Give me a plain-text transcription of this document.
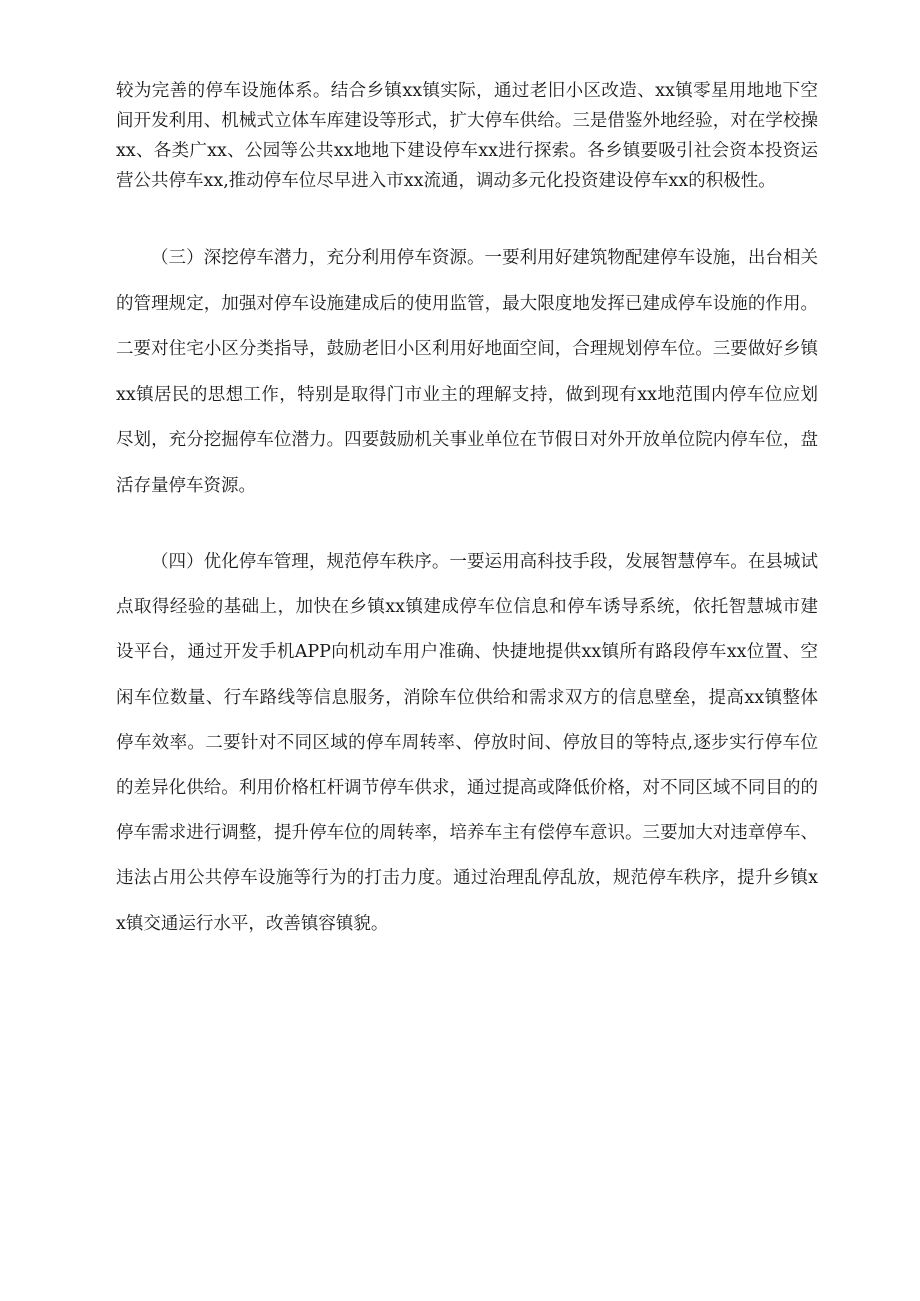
较为完善的停车设施体系。结合乡镇xx镇实际，通过老旧小区改造、xx镇零星用地地下空间开发利用、机械式立体车库建设等形式，扩大停车供给。三是借鉴外地经验，对在学校操xx、各类广xx、公园等公共xx地地下建设停车xx进行探索。各乡镇要吸引社会资本投资运营公共停车xx,推动停车位尽早进入市xx流通，调动多元化投资建设停车xx的积极性。

（三）深挖停车潜力，充分利用停车资源。一要利用好建筑物配建停车设施，出台相关的管理规定，加强对停车设施建成后的使用监管，最大限度地发挥已建成停车设施的作用。二要对住宅小区分类指导，鼓励老旧小区利用好地面空间，合理规划停车位。三要做好乡镇xx镇居民的思想工作，特别是取得门市业主的理解支持，做到现有xx地范围内停车位应划尽划，充分挖掘停车位潜力。四要鼓励机关事业单位在节假日对外开放单位院内停车位，盘活存量停车资源。

（四）优化停车管理，规范停车秩序。一要运用高科技手段，发展智慧停车。在县城试点取得经验的基础上，加快在乡镇xx镇建成停车位信息和停车诱导系统，依托智慧城市建设平台，通过开发手机APP向机动车用户准确、快捷地提供xx镇所有路段停车xx位置、空闲车位数量、行车路线等信息服务，消除车位供给和需求双方的信息壁垒，提高xx镇整体停车效率。二要针对不同区域的停车周转率、停放时间、停放目的等特点,逐步实行停车位的差异化供给。利用价格杠杆调节停车供求，通过提高或降低价格，对不同区域不同目的的停车需求进行调整，提升停车位的周转率，培养车主有偿停车意识。三要加大对违章停车、违法占用公共停车设施等行为的打击力度。通过治理乱停乱放，规范停车秩序，提升乡镇xx镇交通运行水平，改善镇容镇貌。
